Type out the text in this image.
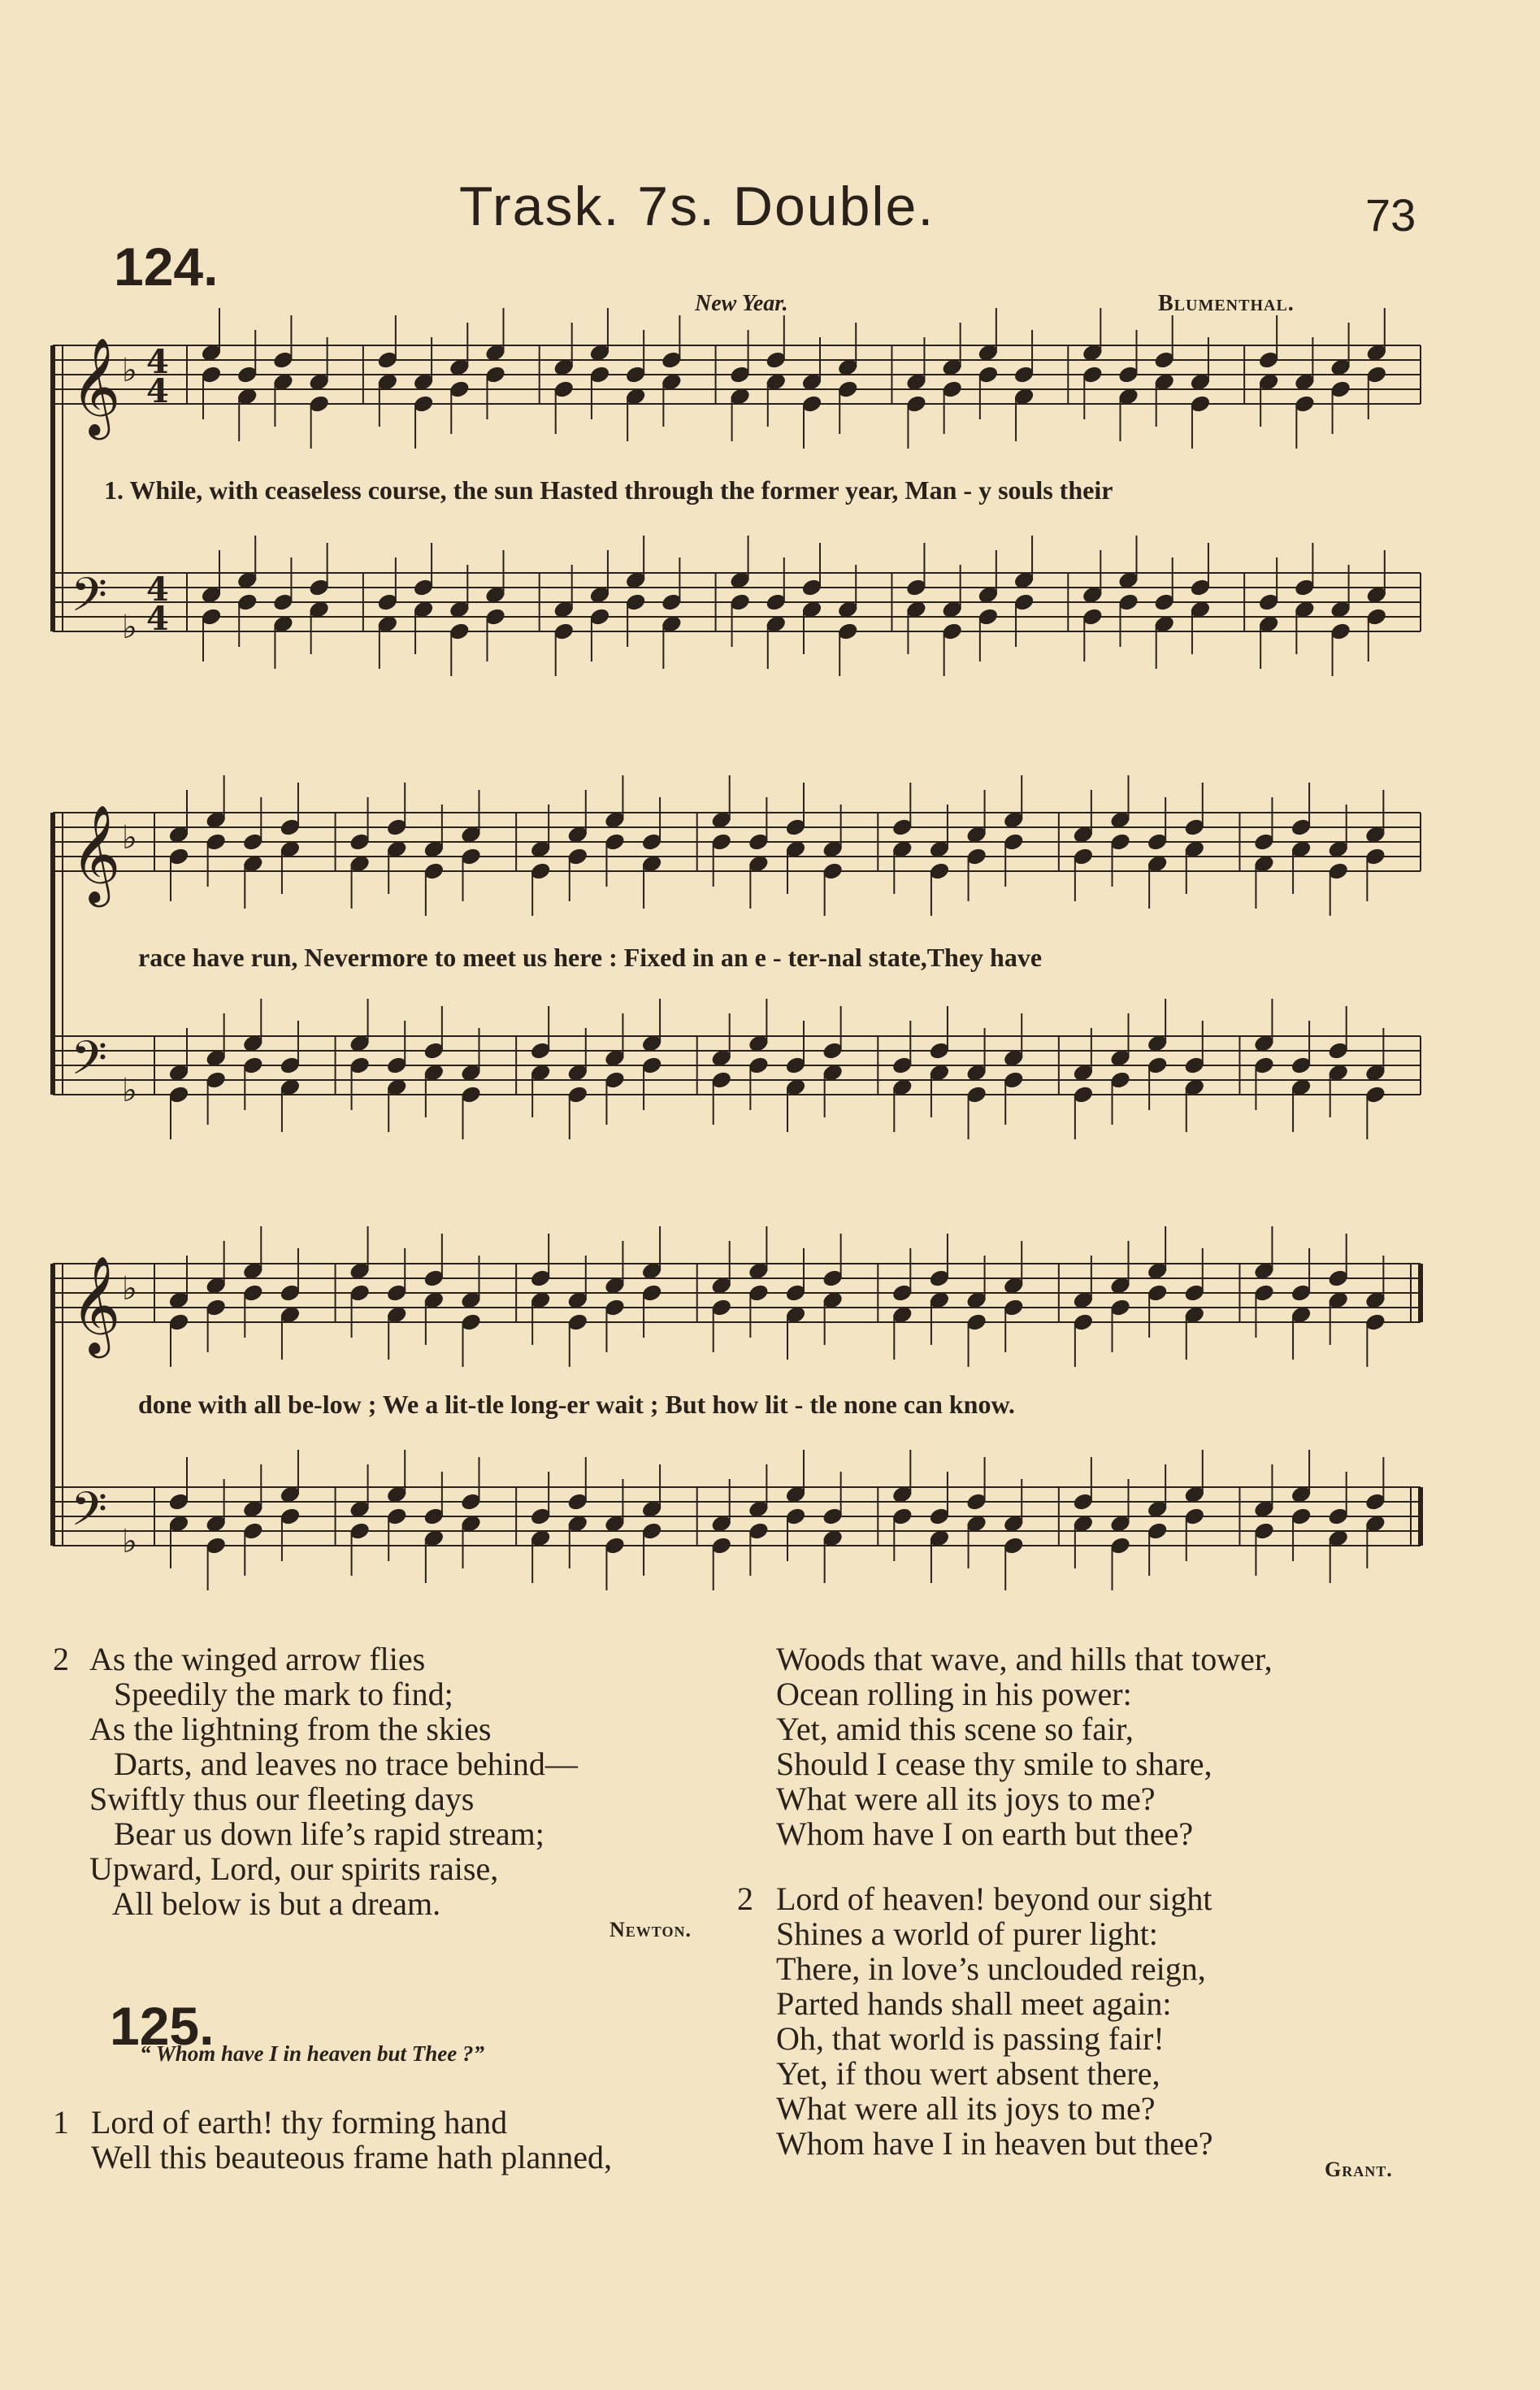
Trask. 7s. Double.	73
124.
New Year.	Blumenthal.
𝄞 ♭ 4
4
𝄢 ♭
4
4
𝄞 ♭
𝄢 ♭
𝄞 ♭
𝄢 ♭
1. While, with ceaseless course, the sun Hasted through the former year, Man - y souls their
race have run, Nevermore to meet us here : Fixed in an e - ter-nal state,They have
done with all be-low ; We a lit-tle long-er wait ; But how lit - tle none can know.
2 As the winged arrow flies
Speedily the mark to find;
As the lightning from the skies
Darts, and leaves no trace behind—
Swiftly thus our fleeting days
Bear us down life’s rapid stream;
Upward, Lord, our spirits raise,
All below is but a dream.
Newton.
125.
“ Whom have I in heaven but Thee ?”
1 Lord of earth! thy forming hand
Well this beauteous frame hath planned,
Woods that wave, and hills that tower,
Ocean rolling in his power:
Yet, amid this scene so fair,
Should I cease thy smile to share,
What were all its joys to me?
Whom have I on earth but thee?
2 Lord of heaven! beyond our sight
Shines a world of purer light:
There, in love’s unclouded reign,
Parted hands shall meet again:
Oh, that world is passing fair!
Yet, if thou wert absent there,
What were all its joys to me?
Whom have I in heaven but thee?
Grant.
